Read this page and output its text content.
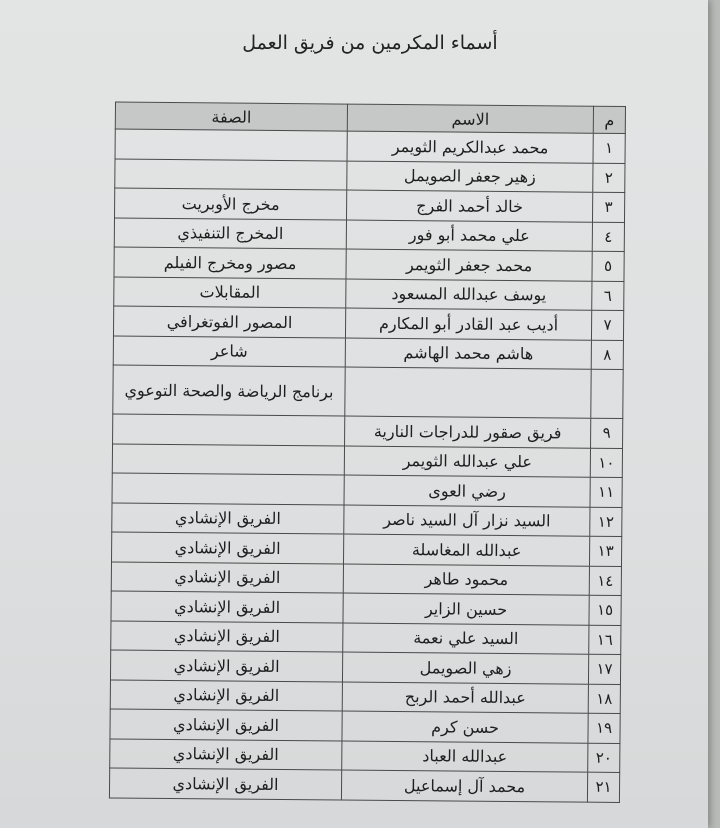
أسماء المكرمين من فريق العمل
م	الاسم	الصفة
١	محمد عبدالكريم الثويمر	
٢	زهير جعفر الصويمل	
٣	خالد أحمد الفرج	مخرج الأوبريت
٤	علي محمد أبو فور	المخرج التنفيذي
٥	محمد جعفر الثويمر	مصور ومخرج الفيلم
٦	يوسف عبدالله المسعود	المقابلات
٧	أديب عبد القادر أبو المكارم	المصور الفوتغرافي
٨	هاشم محمد الهاشم	شاعر
		برنامج الرياضة والصحة التوعوي
٩	فريق صقور للدراجات النارية	
١٠	علي عبدالله الثويمر	
١١	رضي العوى	
١٢	السيد نزار آل السيد ناصر	الفريق الإنشادي
١٣	عبدالله المغاسلة	الفريق الإنشادي
١٤	محمود طاهر	الفريق الإنشادي
١٥	حسين الزاير	الفريق الإنشادي
١٦	السيد علي نعمة	الفريق الإنشادي
١٧	زهي الصويمل	الفريق الإنشادي
١٨	عبدالله أحمد الربح	الفريق الإنشادي
١٩	حسن كرم	الفريق الإنشادي
٢٠	عبدالله العباد	الفريق الإنشادي
٢١	محمد آل إسماعيل	الفريق الإنشادي
